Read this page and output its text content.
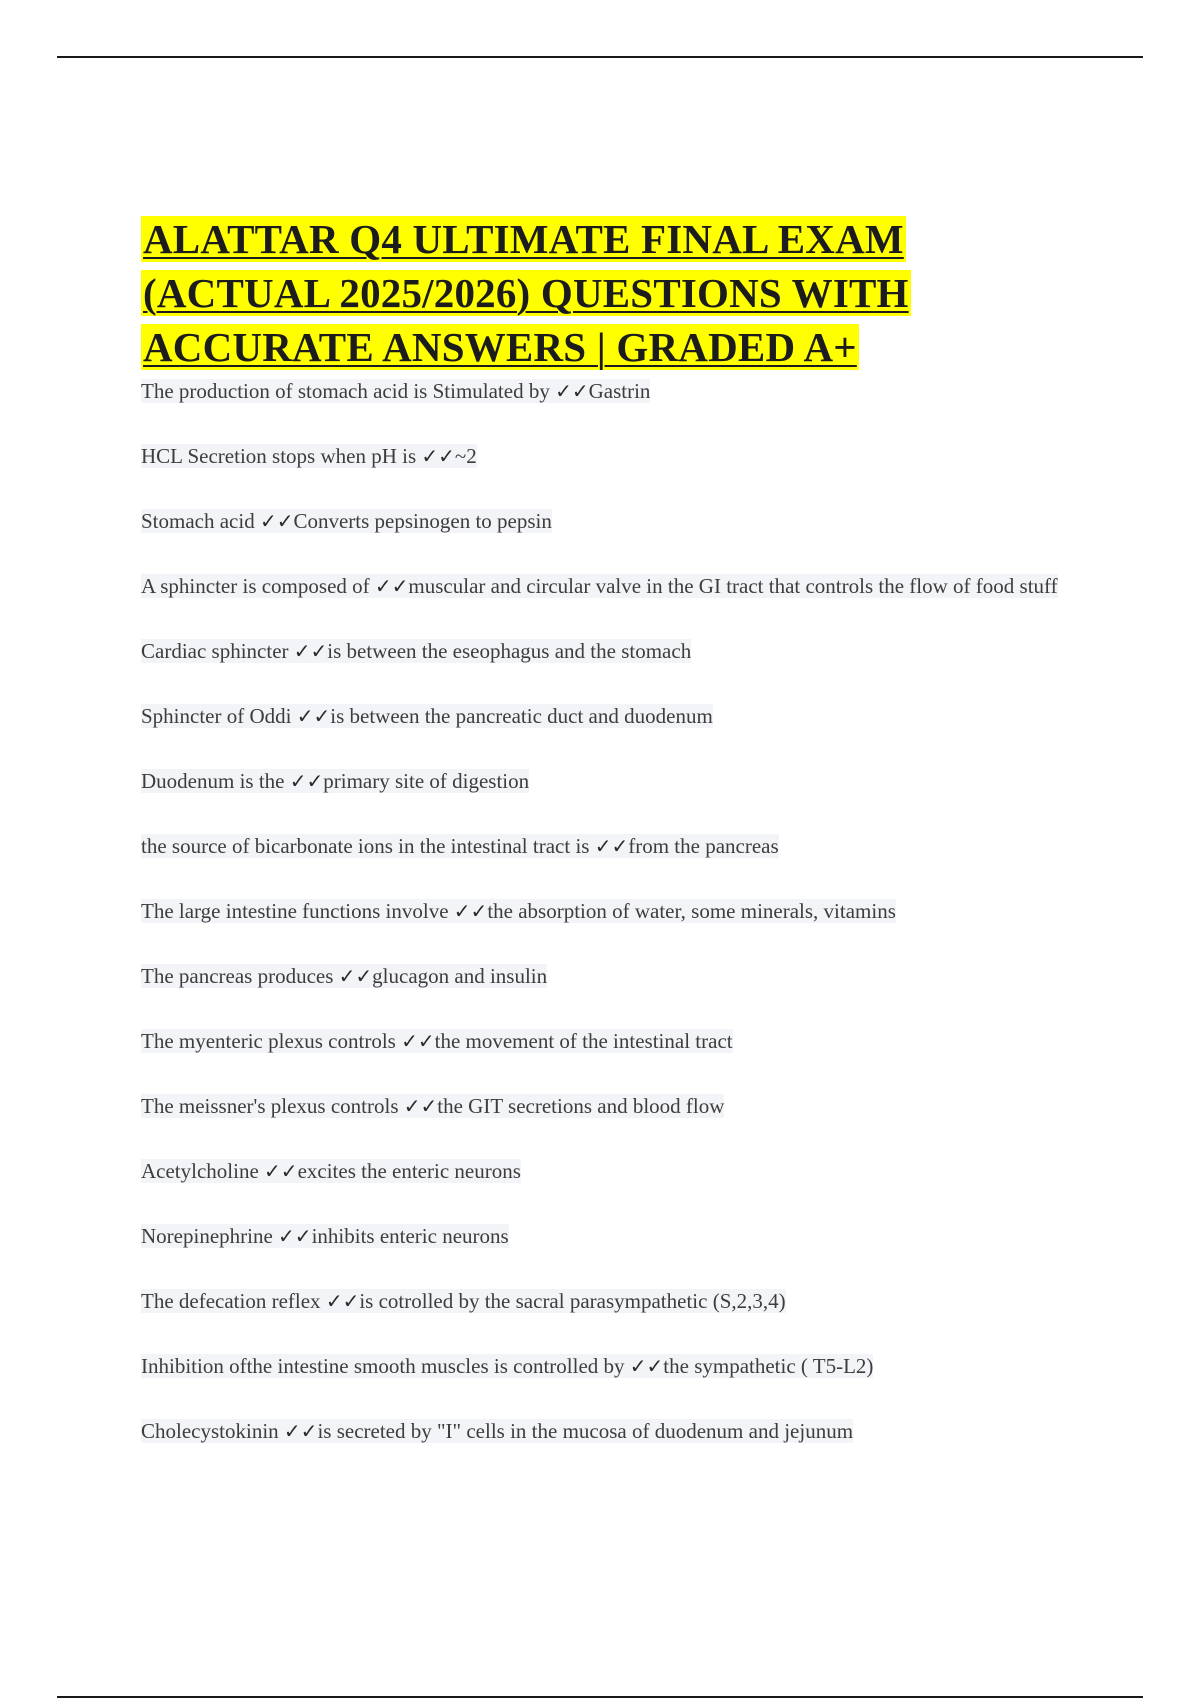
ALATTAR Q4 ULTIMATE FINAL EXAM (ACTUAL 2025/2026) QUESTIONS WITH ACCURATE ANSWERS | GRADED A+
The production of stomach acid is Stimulated by ✓✓Gastrin
HCL Secretion stops when pH is ✓✓~2
Stomach acid ✓✓Converts pepsinogen to pepsin
A sphincter is composed of ✓✓muscular and circular valve in the GI tract that controls the flow of food stuff
Cardiac sphincter ✓✓is between the eseophagus and the stomach
Sphincter of Oddi ✓✓is between the pancreatic duct and duodenum
Duodenum is the ✓✓primary site of digestion
the source of bicarbonate ions in the intestinal tract is ✓✓from the pancreas
The large intestine functions involve ✓✓the absorption of water, some minerals, vitamins
The pancreas produces ✓✓glucagon and insulin
The myenteric plexus controls ✓✓the movement of the intestinal tract
The meissner's plexus controls ✓✓the GIT secretions and blood flow
Acetylcholine ✓✓excites the enteric neurons
Norepinephrine ✓✓inhibits enteric neurons
The defecation reflex ✓✓is cotrolled by the sacral parasympathetic (S,2,3,4)
Inhibition ofthe intestine smooth muscles is controlled by ✓✓the sympathetic ( T5-L2)
Cholecystokinin ✓✓is secreted by "I" cells in the mucosa of duodenum and jejunum
